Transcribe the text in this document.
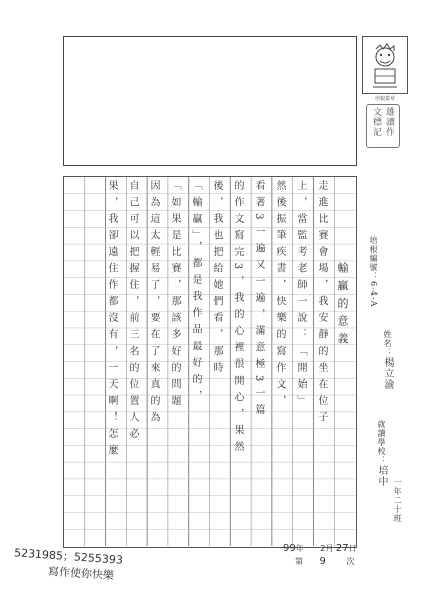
培根蓋章
雄讀作文標記
培根編號：6-4-A
姓名：楊立渝
就讀學校：培中
一年二十班
輸贏的意義
走進比賽會場，我安靜的坐在位子
上，當監考老師一說：「開始」
然後振筆疾書，快樂的寫作文，
看著3一遍又一遍，滿意極3一篇
的作文寫完3，我的心裡很開心，果然
後，我也把給她們看，那時
「輸贏」，都是我作品最好的，
「如果是比賽，那該多好的問題
因為這太輕易了，要在了來真的為
自己可以把握住，前三名的位置人必
果，我卻遠住作都沒有，一天啊！怎麼
99年 2月 27日
第 9	次
5231985；5255393
寫作使你快樂
